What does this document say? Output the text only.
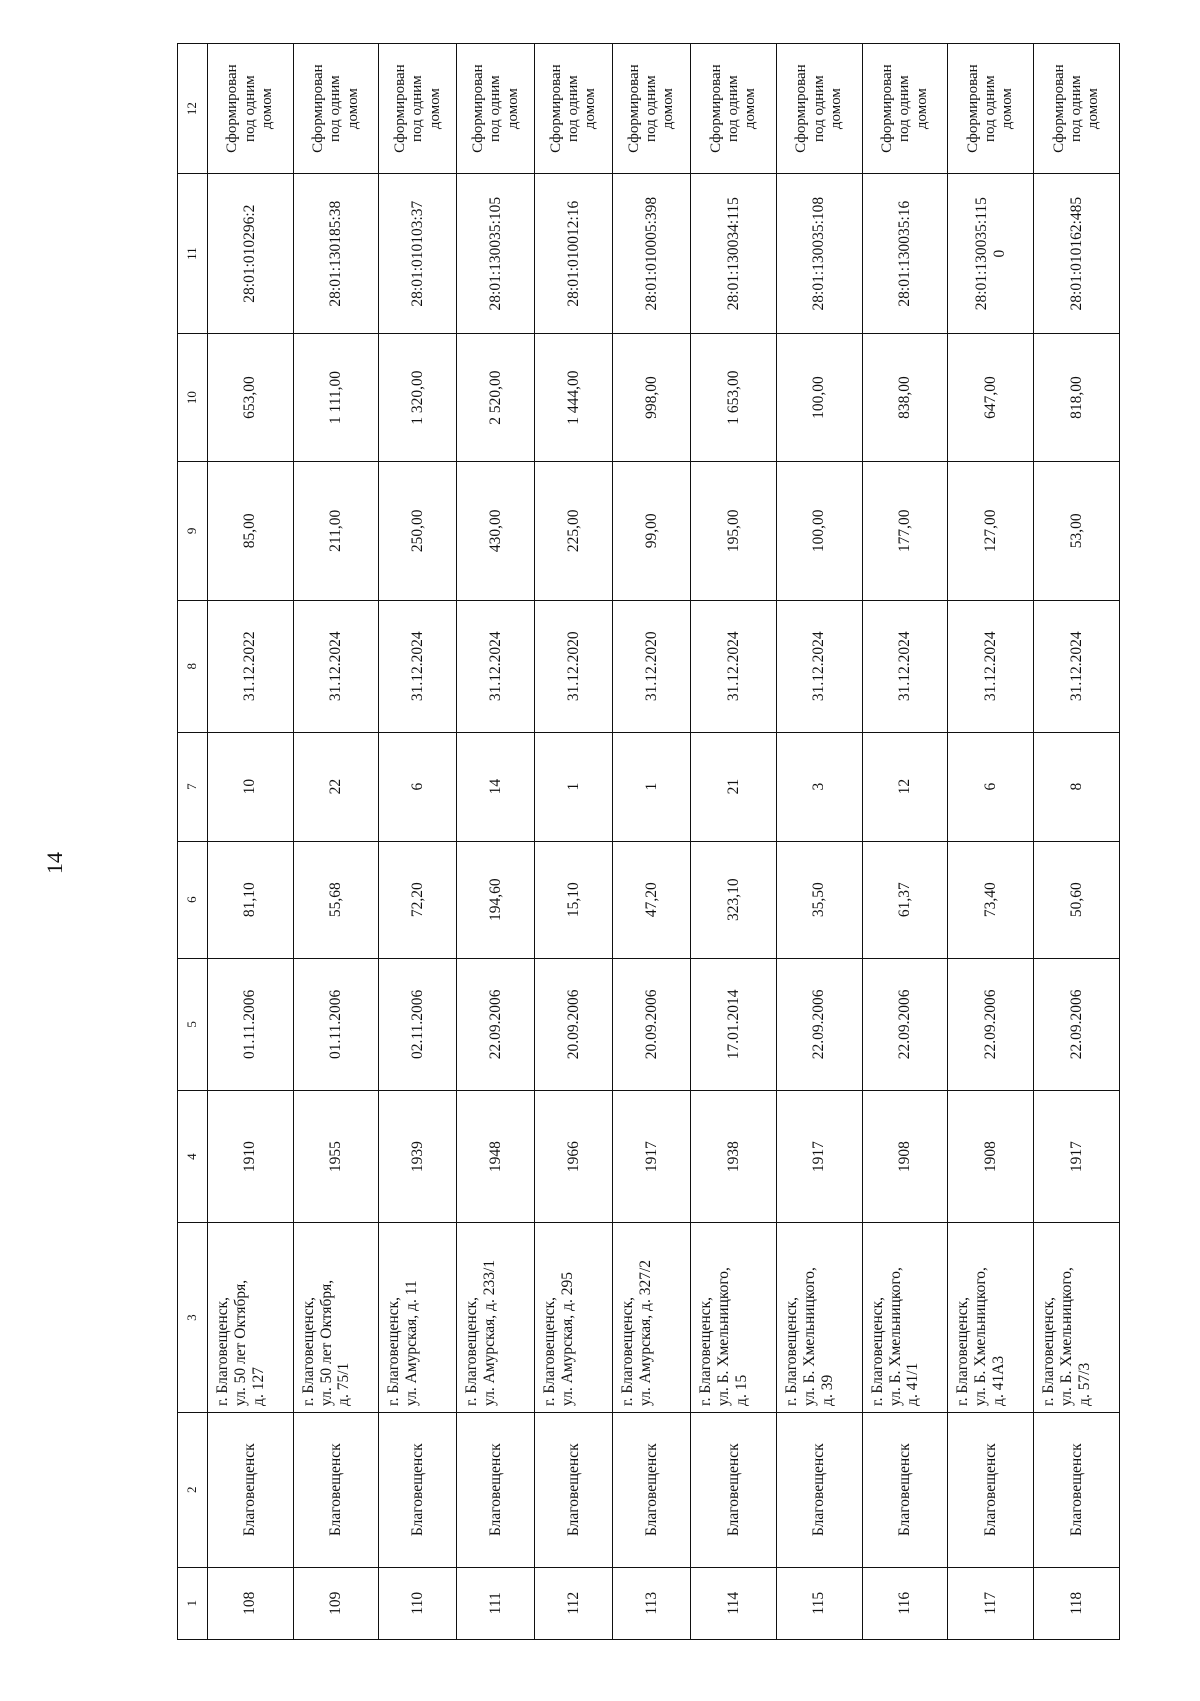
14
1	2	3	4	5	6	7	8	9	10	11	12
108	Благовещенск	г. Благовещенск,
ул. 50 лет Октября,
д. 127	1910	01.11.2006	81,10	10	31.12.2022	85,00	653,00	28:01:010296:2	Сформирован
под одним
домом
109	Благовещенск	г. Благовещенск,
ул. 50 лет Октября,
д. 75/1	1955	01.11.2006	55,68	22	31.12.2024	211,00	1 111,00	28:01:130185:38	Сформирован
под одним
домом
110	Благовещенск	г. Благовещенск,
ул. Амурская, д. 11	1939	02.11.2006	72,20	6	31.12.2024	250,00	1 320,00	28:01:010103:37	Сформирован
под одним
домом
111	Благовещенск	г. Благовещенск,
ул. Амурская, д. 233/1	1948	22.09.2006	194,60	14	31.12.2024	430,00	2 520,00	28:01:130035:105	Сформирован
под одним
домом
112	Благовещенск	г. Благовещенск,
ул. Амурская, д. 295	1966	20.09.2006	15,10	1	31.12.2020	225,00	1 444,00	28:01:010012:16	Сформирован
под одним
домом
113	Благовещенск	г. Благовещенск,
ул. Амурская, д. 327/2	1917	20.09.2006	47,20	1	31.12.2020	99,00	998,00	28:01:010005:398	Сформирован
под одним
домом
114	Благовещенск	г. Благовещенск,
ул. Б. Хмельницкого,
д. 15	1938	17.01.2014	323,10	21	31.12.2024	195,00	1 653,00	28:01:130034:115	Сформирован
под одним
домом
115	Благовещенск	г. Благовещенск,
ул. Б. Хмельницкого,
д. 39	1917	22.09.2006	35,50	3	31.12.2024	100,00	100,00	28:01:130035:108	Сформирован
под одним
домом
116	Благовещенск	г. Благовещенск,
ул. Б. Хмельницкого,
д. 41/1	1908	22.09.2006	61,37	12	31.12.2024	177,00	838,00	28:01:130035:16	Сформирован
под одним
домом
117	Благовещенск	г. Благовещенск,
ул. Б. Хмельницкого,
д. 41А3	1908	22.09.2006	73,40	6	31.12.2024	127,00	647,00	28:01:130035:115
0	Сформирован
под одним
домом
118	Благовещенск	г. Благовещенск,
ул. Б. Хмельницкого,
д. 57/3	1917	22.09.2006	50,60	8	31.12.2024	53,00	818,00	28:01:010162:485	Сформирован
под одним
домом
